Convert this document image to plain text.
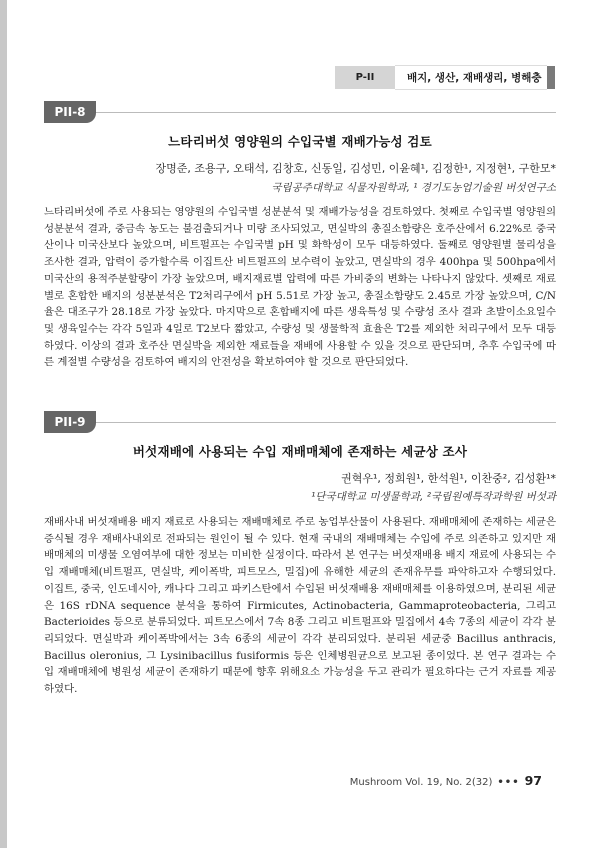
P-II	배지, 생산, 재배생리, 병해충
PII-8
느타리버섯 영양원의 수입국별 재배가능성 검토
장명준, 조용구, 오태석, 김창호, 신동일, 김성민, 이윤혜¹, 김정한¹, 지정현¹, 구한모*
국립공주대학교 식물자원학과, ¹ 경기도농업기술원 버섯연구소

느타리버섯에 주로 사용되는 영양원의 수입국별 성분분석 및 재배가능성을 검토하였다. 첫째로 수입국별 영양원의 성분분석 결과, 중금속 농도는 불검출되거나 미량 조사되었고, 면실박의 총질소함량은 호주산에서 6.22%로 중국산이나 미국산보다 높았으며, 비트펄프는 수입국별 pH 및 화학성이 모두 대등하였다. 둘째로 영양원별 물리성을 조사한 결과, 압력이 증가할수록 이집트산 비트펄프의 보수력이 높았고, 면실박의 경우 400hpa 및 500hpa에서 미국산의 용적주분할량이 가장 높았으며, 배지재료별 압력에 따른 가비중의 변화는 나타나지 않았다. 셋째로 재료별로 혼합한 배지의 성분분석은 T2처리구에서 pH 5.51로 가장 높고, 총질소함량도 2.45로 가장 높았으며, C/N율은 대조구가 28.18로 가장 높았다. 마지막으로 혼합배지에 따른 생육특성 및 수량성 조사 결과 초발이소요일수 및 생육일수는 각각 5일과 4일로 T2보다 짧았고, 수량성 및 생물학적 효율은 T2를 제외한 처리구에서 모두 대등하였다. 이상의 결과 호주산 면실박을 제외한 재료들을 재배에 사용할 수 있을 것으로 판단되며, 추후 수입국에 따른 계절별 수량성을 검토하여 배지의 안전성을 확보하여야 할 것으로 판단되었다.

PII-9
버섯재배에 사용되는 수입 재배매체에 존재하는 세균상 조사
권혁우¹, 정희원¹, 한석원¹, 이찬중², 김성환¹*
¹단국대학교 미생물학과, ²국립원예특작과학원 버섯과

재배사내 버섯재배용 배지 재료로 사용되는 재배매체로 주로 농업부산물이 사용된다. 재배매체에 존재하는 세균은 증식될 경우 재배사내외로 전파되는 원인이 될 수 있다. 현재 국내의 재배매체는 수입에 주로 의존하고 있지만 재배매체의 미생물 오염여부에 대한 정보는 미비한 실정이다. 따라서 본 연구는 버섯재배용 배지 재료에 사용되는 수입 재배매체(비트펄프, 면실박, 케이폭박, 피트모스, 밀집)에 유해한 세균의 존재유무를 파악하고자 수행되었다. 이집트, 중국, 인도네시아, 캐나다 그리고 파키스탄에서 수입된 버섯재배용 재배매체를 이용하였으며, 분리된 세균은 16S rDNA sequence 분석을 통하여 Firmicutes, Actinobacteria, Gammaproteobacteria, 그리고 Bacterioides 등으로 분류되었다. 피트모스에서 7속 8종 그리고 비트펄프와 밀집에서 4속 7종의 세균이 각각 분리되었다. 면실박과 케이폭박에서는 3속 6종의 세균이 각각 분리되었다. 분리된 세균중 Bacillus anthracis, Bacillus oleronius, 그 Lysinibacillus fusiformis 등은 인체병원균으로 보고된 종이었다. 본 연구 결과는 수입 재배매체에 병원성 세균이 존재하기 때문에 향후 위해요소 가능성을 두고 관리가 필요하다는 근거 자료를 제공하였다.

Mushroom Vol. 19, No. 2(32) ••• 97
